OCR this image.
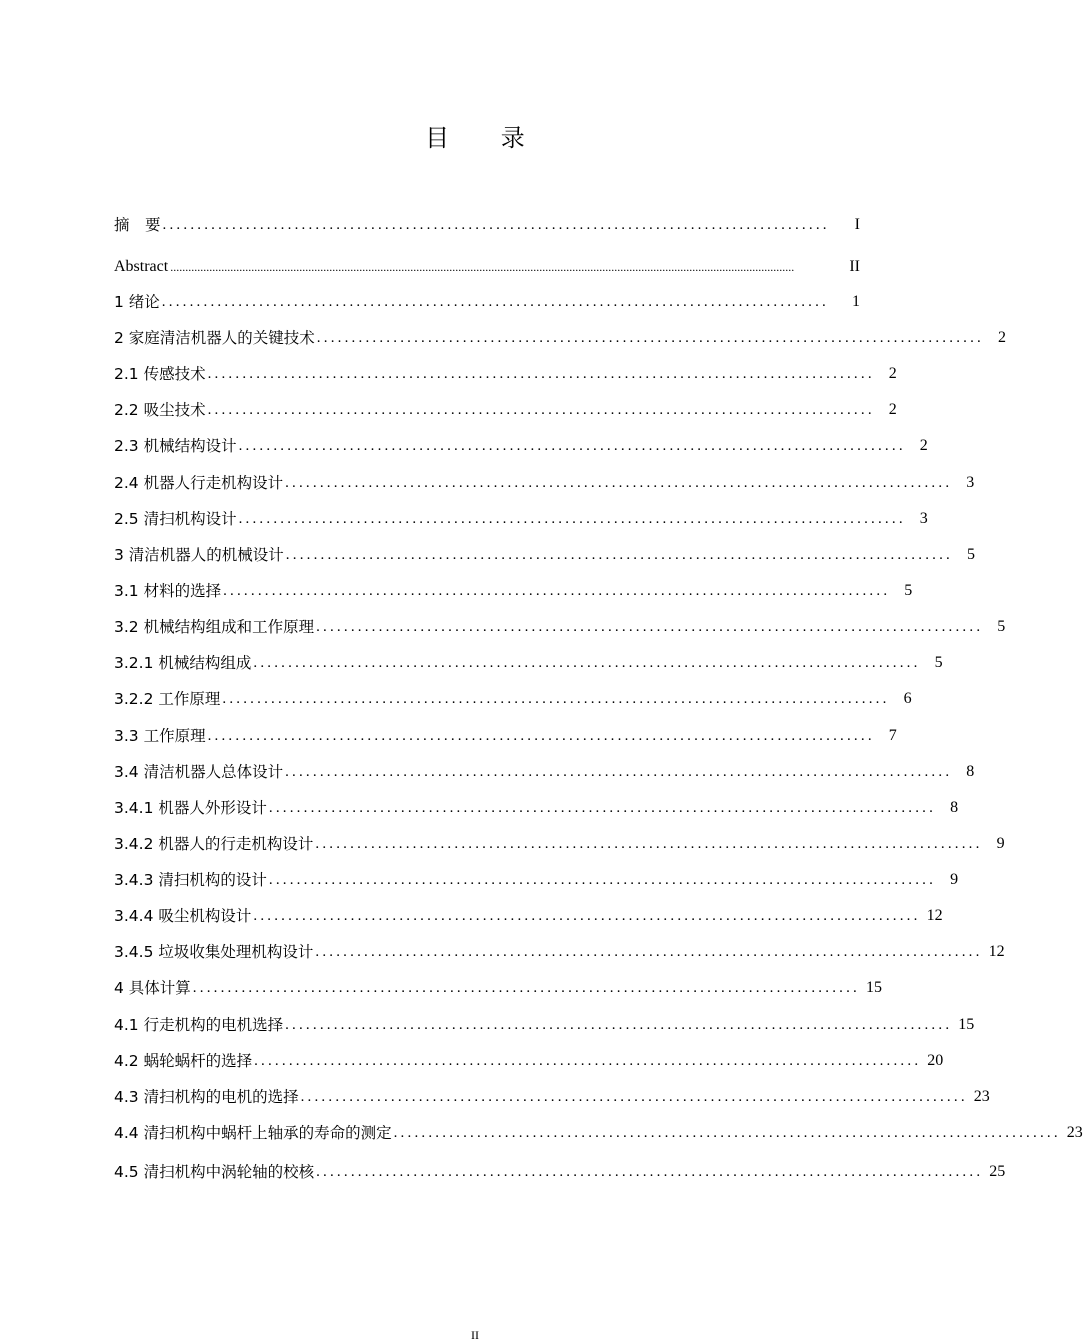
目 录
摘　要 ................................................................................................	I
Abstract ................................................................................................................................................................................................................	II
1 绪论 ................................................................................................	1
2 家庭清洁机器人的关键技术 ................................................................................................ 2
2.1 传感技术 ................................................................................................ 2
2.2 吸尘技术 ................................................................................................ 2
2.3 机械结构设计 ................................................................................................ 2
2.4 机器人行走机构设计 ................................................................................................ 3
2.5 清扫机构设计 ................................................................................................ 3
3 清洁机器人的机械设计 ................................................................................................ 5
3.1 材料的选择 ................................................................................................ 5
3.2 机械结构组成和工作原理 ................................................................................................ 5
3.2.1 机械结构组成 ................................................................................................ 5
3.2.2 工作原理 ................................................................................................ 6
3.3 工作原理 ................................................................................................ 7
3.4 清洁机器人总体设计 ................................................................................................ 8
3.4.1 机器人外形设计 ................................................................................................ 8
3.4.2 机器人的行走机构设计 ................................................................................................ 9
3.4.3 清扫机构的设计 ................................................................................................ 9
3.4.4 吸尘机构设计 ................................................................................................ 12
3.4.5 垃圾收集处理机构设计 ................................................................................................ 12
4 具体计算 ................................................................................................ 15
4.1 行走机构的电机选择 ................................................................................................ 15
4.2 蜗轮蜗杆的选择 ................................................................................................ 20
4.3 清扫机构的电机的选择 ................................................................................................ 23
4.4 清扫机构中蜗杆上轴承的寿命的测定 ................................................................................................ 23
4.5 清扫机构中涡轮轴的校核 ................................................................................................ 25
II
